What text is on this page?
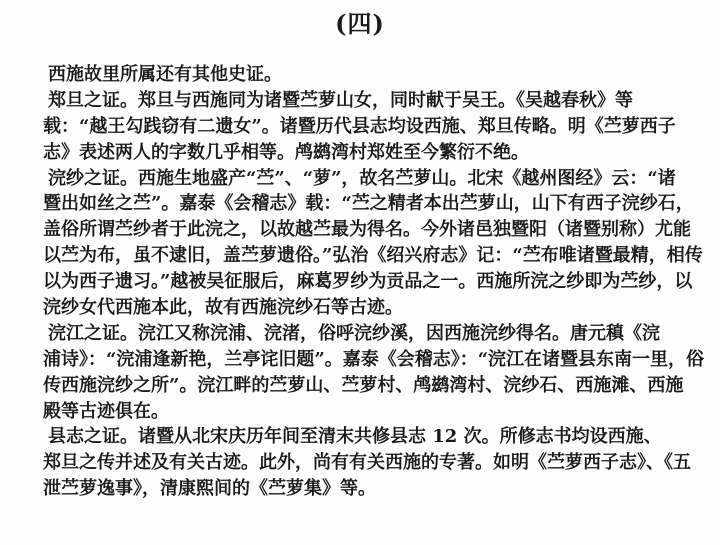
(四)
西施故里所属还有其他史证。
郑旦之证。郑旦与西施同为诸暨苎萝山女，同时献于吴王。《吴越春秋》等
载：“越王勾践窃有二遗女”。诸暨历代县志均设西施、郑旦传略。明《苎萝西子
志》表述两人的字数几乎相等。鸬鹚湾村郑姓至今繁衍不绝。
浣纱之证。西施生地盛产“苎”、“萝”，故名苎萝山。北宋《越州图经》云：“诸
暨出如丝之苎”。嘉泰《会稽志》载：“苎之精者本出苎萝山，山下有西子浣纱石，
盖俗所谓苎纱者于此浣之，以故越苎最为得名。今外诸邑独暨阳（诸暨别称）尤能
以苎为布，虽不逮旧，盖苎萝遗俗。”弘治《绍兴府志》记：“苎布唯诸暨最精，相传
以为西子遗习。”越被吴征服后，麻葛罗纱为贡品之一。西施所浣之纱即为苎纱，以
浣纱女代西施本此，故有西施浣纱石等古迹。
浣江之证。浣江又称浣浦、浣渚，俗呼浣纱溪，因西施浣纱得名。唐元稹《浣
浦诗》：“浣浦逢新艳，兰亭诧旧题”。嘉泰《会稽志》：“浣江在诸暨县东南一里，俗
传西施浣纱之所”。浣江畔的苎萝山、苎萝村、鸬鹚湾村、浣纱石、西施滩、西施
殿等古迹俱在。
县志之证。诸暨从北宋庆历年间至清末共修县志 12 次。所修志书均设西施、
郑旦之传并述及有关古迹。此外，尚有有关西施的专著。如明《苎萝西子志》、《五
泄苎萝逸事》，清康熙间的《苎萝集》等。
